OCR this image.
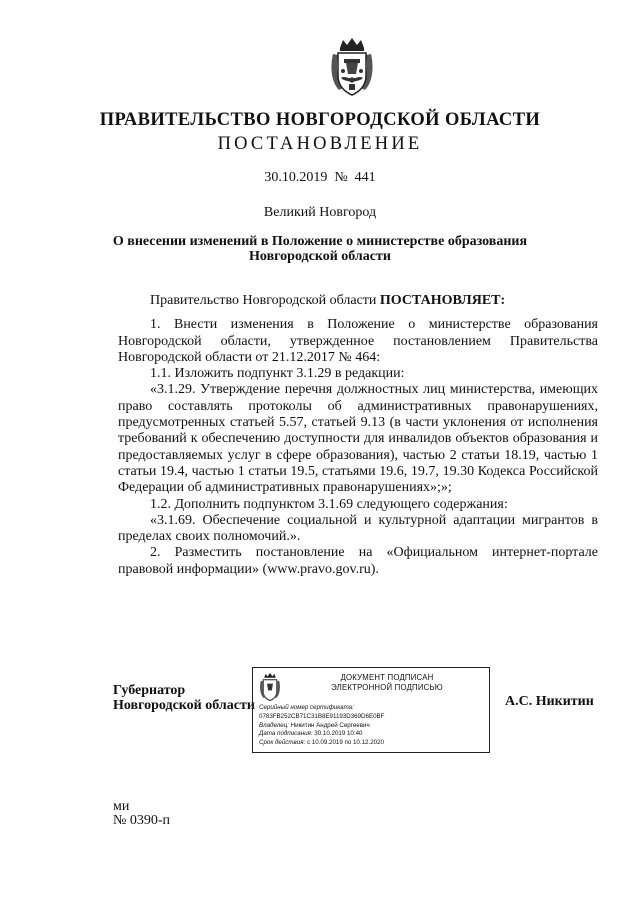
ПРАВИТЕЛЬСТВО НОВГОРОДСКОЙ ОБЛАСТИ
ПОСТАНОВЛЕНИЕ
30.10.2019  №  441
Великий Новгород
О внесении изменений в Положение о министерстве образования
Новгородской области

Правительство Новгородской области ПОСТАНОВЛЯЕТ:

1. Внести изменения в Положение о министерстве образования Новгородской области, утвержденное постановлением Правительства Новгородской области от 21.12.2017 № 464:

1.1. Изложить подпункт 3.1.29 в редакции:

«3.1.29. Утверждение перечня должностных лиц министерства, имеющих право составлять протоколы об административных правонарушениях, предусмотренных статьей 5.57, статьей 9.13 (в части уклонения от исполнения требований к обеспечению доступности для инвалидов объектов образования и предоставляемых услуг в сфере образования), частью 2 статьи 18.19, частью 1 статьи 19.4, частью 1 статьи 19.5, статьями 19.6, 19.7, 19.30 Кодекса Российской Федерации об административных правонарушениях»;»;

1.2. Дополнить подпунктом 3.1.69 следующего содержания:

«3.1.69. Обеспечение социальной и культурной адаптации мигрантов в пределах своих полномочий.».

2. Разместить постановление на «Официальном интернет-портале правовой информации» (www.pravo.gov.ru).

Губернатор
Новгородской области
ДОКУМЕНТ ПОДПИСАН
ЭЛЕКТРОННОЙ ПОДПИСЬЮ
Серийный номер сертификата:
0783FB252CB71C31B8E91193D369D6E0BF
Владелец: Никитин Андрей Сергеевич
Дата подписания: 30.10.2019 10:40
Срок действия: с 10.09.2019 по 10.12.2020
А.С. Никитин
ми
№ 0390-п
